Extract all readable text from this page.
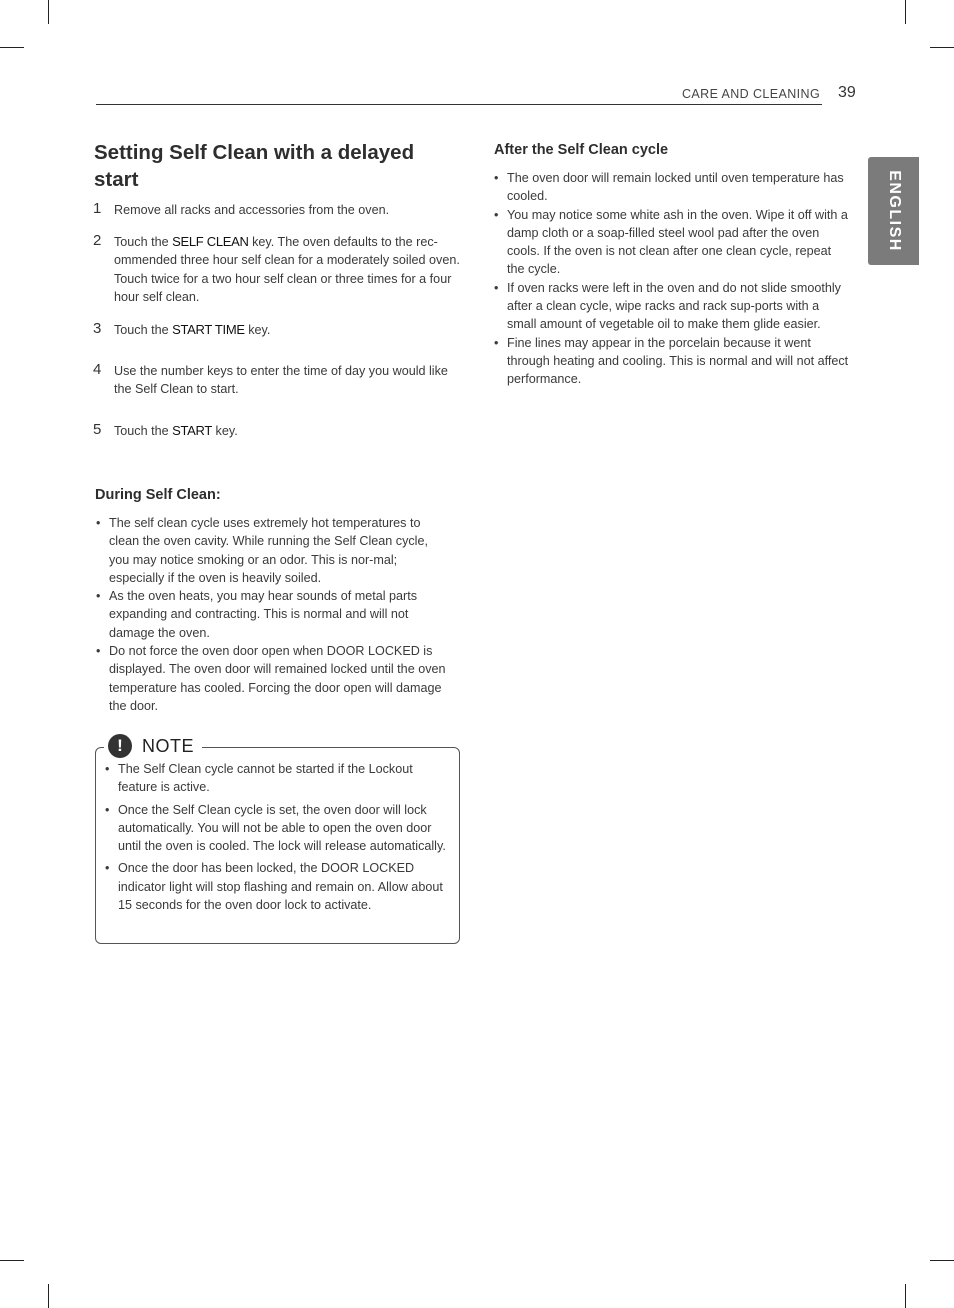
CARE AND CLEANING 39
ENGLISH
Setting Self Clean with a delayed start
1 Remove all racks and accessories from the oven.
2 Touch the SELF CLEAN key. The oven defaults to the rec-ommended three hour self clean for a moderately soiled oven. Touch twice for a two hour self clean or three times for a four hour self clean.
3 Touch the START TIME key.
4 Use the number keys to enter the time of day you would like the Self Clean to start.
5 Touch the START key.
During Self Clean:
• The self clean cycle uses extremely hot temperatures to clean the oven cavity. While running the Self Clean cycle, you may notice smoking or an odor. This is nor-mal; especially if the oven is heavily soiled.
• As the oven heats, you may hear sounds of metal parts expanding and contracting. This is normal and will not damage the oven.
• Do not force the oven door open when DOOR LOCKED is displayed. The oven door will remained locked until the oven temperature has cooled. Forcing the door open will damage the door.
!	NOTE
• The Self Clean cycle cannot be started if the Lockout feature is active.
• Once the Self Clean cycle is set, the oven door will lock automatically. You will not be able to open the oven door until the oven is cooled. The lock will release automatically.
• Once the door has been locked, the DOOR LOCKED indicator light will stop flashing and remain on. Allow about 15 seconds for the oven door lock to activate.
After the Self Clean cycle
• The oven door will remain locked until oven temperature has cooled.
• You may notice some white ash in the oven. Wipe it off with a damp cloth or a soap-filled steel wool pad after the oven cools. If the oven is not clean after one clean cycle, repeat the cycle.
• If oven racks were left in the oven and do not slide smoothly after a clean cycle, wipe racks and rack sup-ports with a small amount of vegetable oil to make them glide easier.
• Fine lines may appear in the porcelain because it went through heating and cooling. This is normal and will not affect performance.
